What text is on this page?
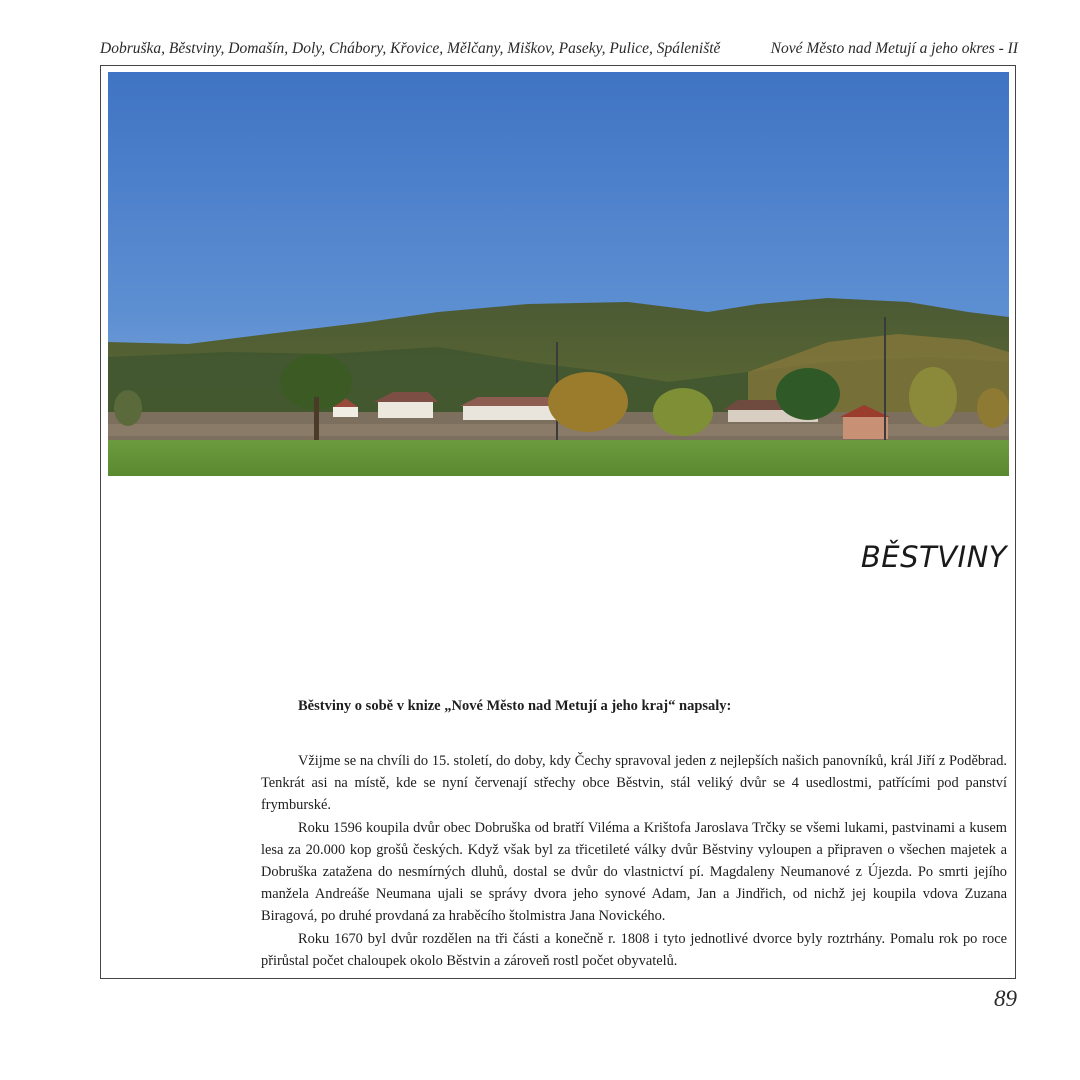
Dobruška, Běstviny, Domašín, Doly, Chábory, Křovice, Mělčany, Miškov, Paseky, Pulice, Spáleniště	Nové Město nad Metují a jeho okres - II
BĚSTVINY
Běstviny o sobě v knize „Nové Město nad Metují a jeho kraj“ napsaly:

Vžijme se na chvíli do 15. století, do doby, kdy Čechy spravoval jeden z nejlepších našich panovníků, král Jiří z Poděbrad. Tenkrát asi na místě, kde se nyní červenají střechy obce Běstvin, stál veliký dvůr se 4 usedlostmi, patřícími pod panství frymburské.

Roku 1596 koupila dvůr obec Dobruška od bratří Viléma a Krištofa Jaroslava Trčky se všemi lukami, pastvinami a kusem lesa za 20.000 kop grošů českých. Když však byl za třicetileté války dvůr Běstviny vyloupen a připraven o všechen majetek a Dobruška zatažena do nesmírných dluhů, dostal se dvůr do vlastnictví pí. Magdaleny Neumanové z Újezda. Po smrti jejího manžela Andreáše Neumana ujali se správy dvora jeho synové Adam, Jan a Jindřich, od nichž jej koupila vdova Zuzana Biragová, po druhé provdaná za hraběcího štolmistra Jana Novického.

Roku 1670 byl dvůr rozdělen na tři části a konečně r. 1808 i tyto jednotlivé dvorce byly roztrhány. Pomalu rok po roce přirůstal počet chaloupek okolo Běstvin a zároveň rostl počet obyvatelů.

89
